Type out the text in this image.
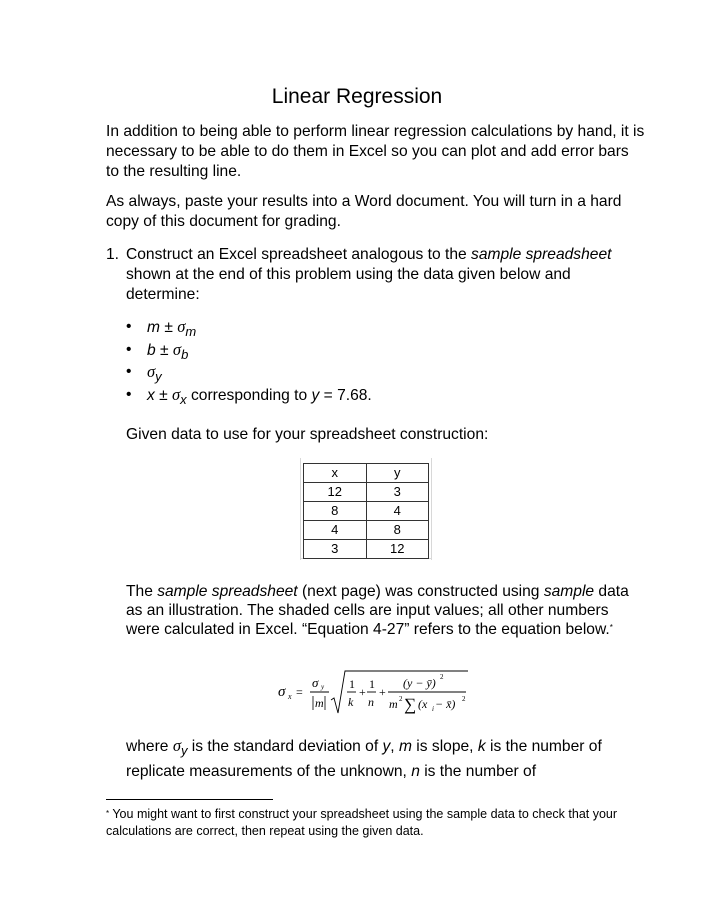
Linear Regression

In addition to being able to perform linear regression calculations by hand, it is necessary to be able to do them in Excel so you can plot and add error bars to the resulting line.

As always, paste your results into a Word document. You will turn in a hard copy of this document for grading.

1. Construct an Excel spreadsheet analogous to the sample spreadsheet shown at the end of this problem using the data given below and determine:
• $m \pm \sigma_m$
• $b \pm \sigma_b$
• $\sigma_y$
• $x \pm \sigma_x$ corresponding to y = 7.68.
Given data to use for your spreadsheet construction:
x	y
12	3
8	4
4	8
3	12

The sample spreadsheet (next page) was constructed using sample data as an illustration. The shaded cells are input values; all other numbers were calculated in Excel. “Equation 4-27” refers to the equation below.*

σ x =
σ y
m
1
k
+
1
n
+
(y − ȳ) 2
m 2 ∑ (x i − x̄) 2

where $\sigma_y$ is the standard deviation of y, m is slope, k is the number of replicate measurements of the unknown, n is the number of

* You might want to first construct your spreadsheet using the sample data to check that your calculations are correct, then repeat using the given data.
